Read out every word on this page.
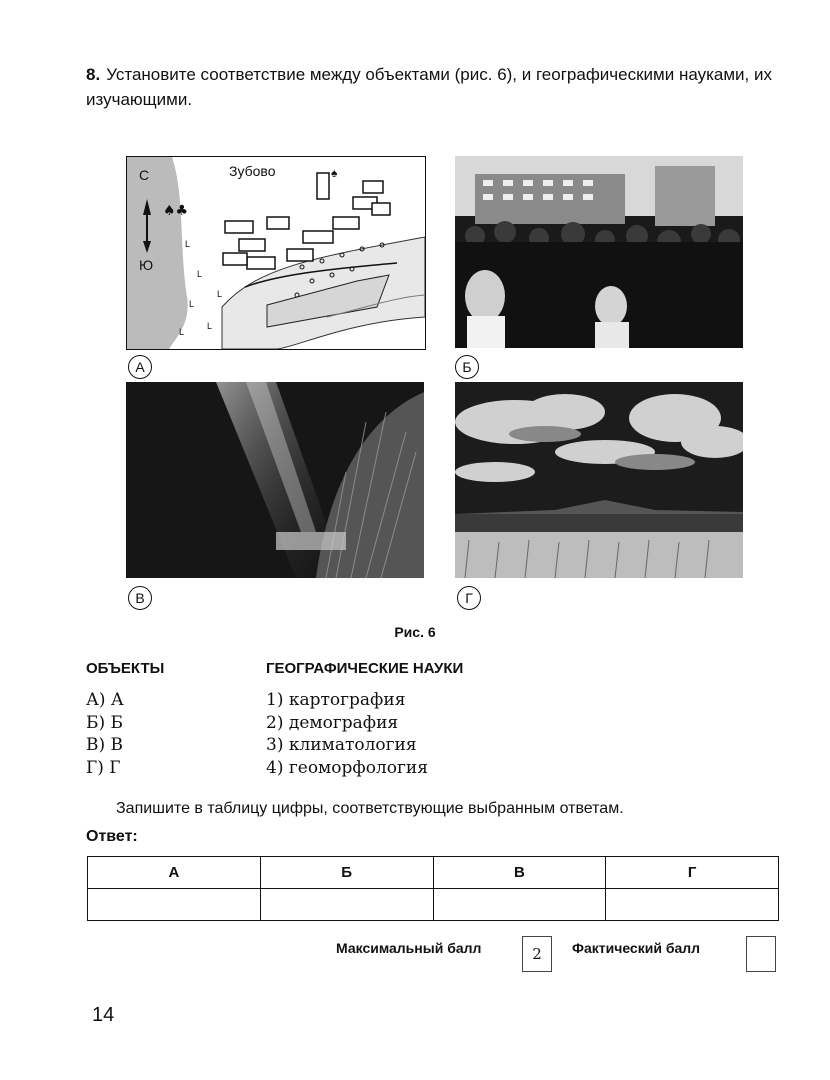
8. Установите соответствие между объектами (рис. 6), и географическими науками, их изучающими.
L
L
L
L
L
L
♠♣
♠
Зубово
С
Ю
А	Б
В	Г
Рис. 6
ОБЪЕКТЫ	ГЕОГРАФИЧЕСКИЕ НАУКИ
А) А
Б) Б
В) В
Г) Г
1) картография
2) демография
3) климатология
4) геоморфология
Запишите в таблицу цифры, соответствующие выбранным ответам.
Ответ:
А	Б	В	Г

Максимальный балл	2	Фактический балл
14
